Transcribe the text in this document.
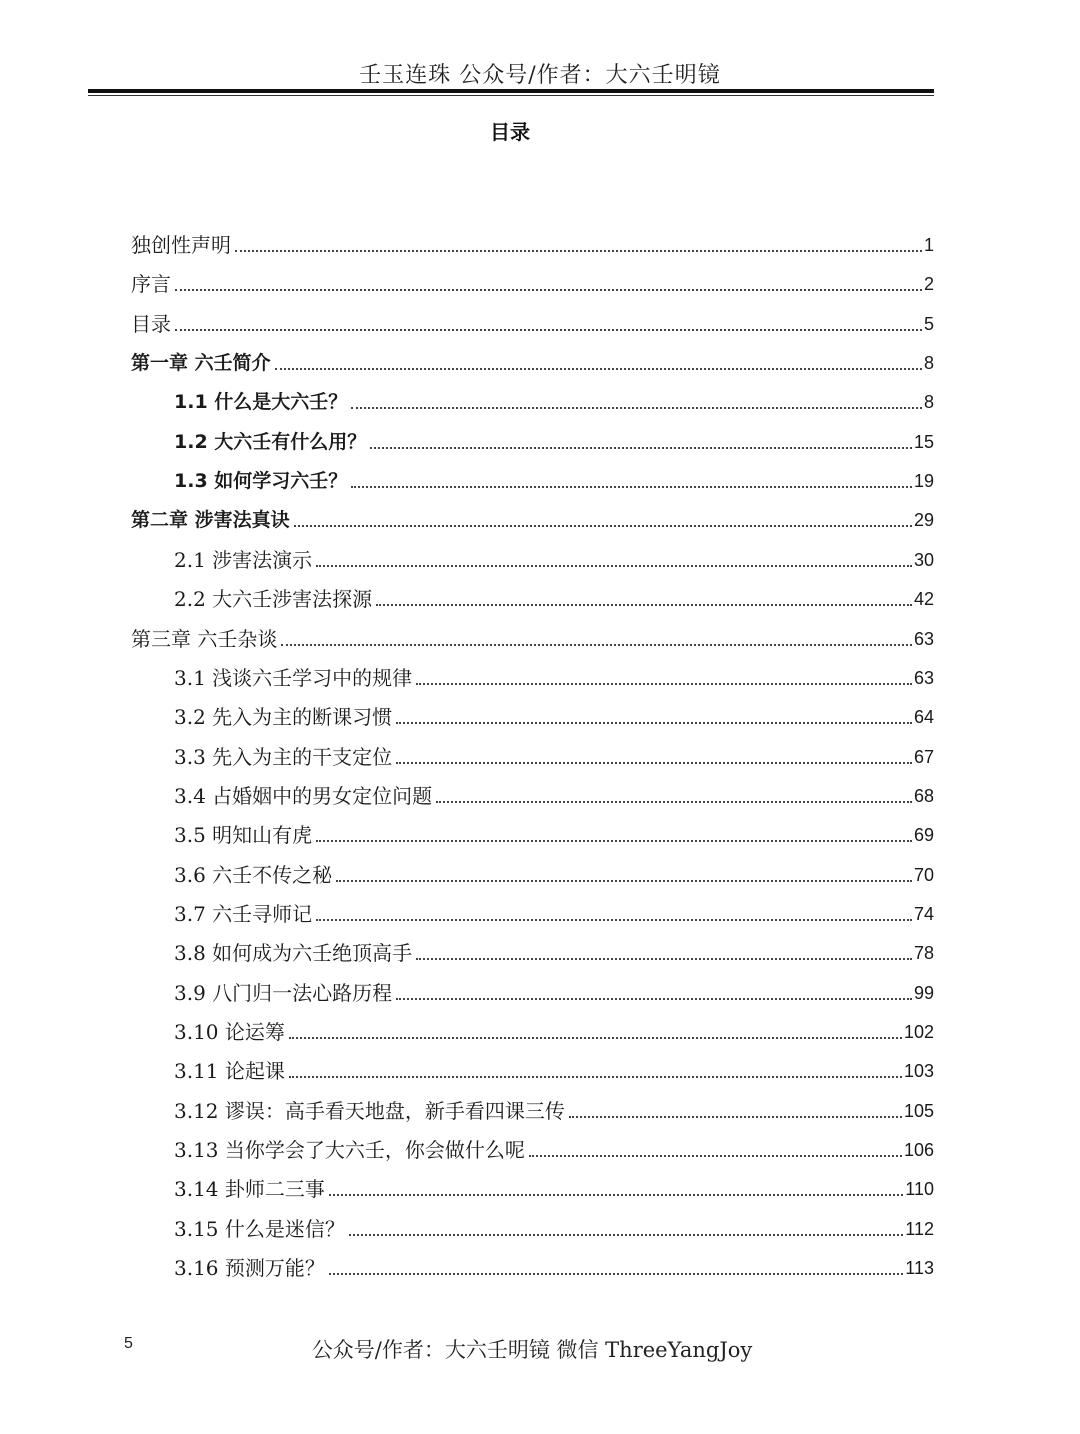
壬玉连珠 公众号/作者：大六壬明镜
目录
独创性声明	1
序言	2
目录	5
第一章 六壬简介	8
1.1 什么是大六壬？	8
1.2 大六壬有什么用？	15
1.3 如何学习六壬？	19
第二章 涉害法真诀	29
2.1 涉害法演示	30
2.2 大六壬涉害法探源	42
第三章 六壬杂谈	63
3.1 浅谈六壬学习中的规律	63
3.2 先入为主的断课习惯	64
3.3 先入为主的干支定位	67
3.4 占婚姻中的男女定位问题	68
3.5 明知山有虎	69
3.6 六壬不传之秘	70
3.7 六壬寻师记	74
3.8 如何成为六壬绝顶高手	78
3.9 八门归一法心路历程	99
3.10 论运筹	102
3.11 论起课	103
3.12 谬误：高手看天地盘，新手看四课三传	105
3.13 当你学会了大六壬，你会做什么呢	106
3.14 卦师二三事	110
3.15 什么是迷信？	112
3.16 预测万能？	113
5	公众号/作者：大六壬明镜 微信 ThreeYangJoy
